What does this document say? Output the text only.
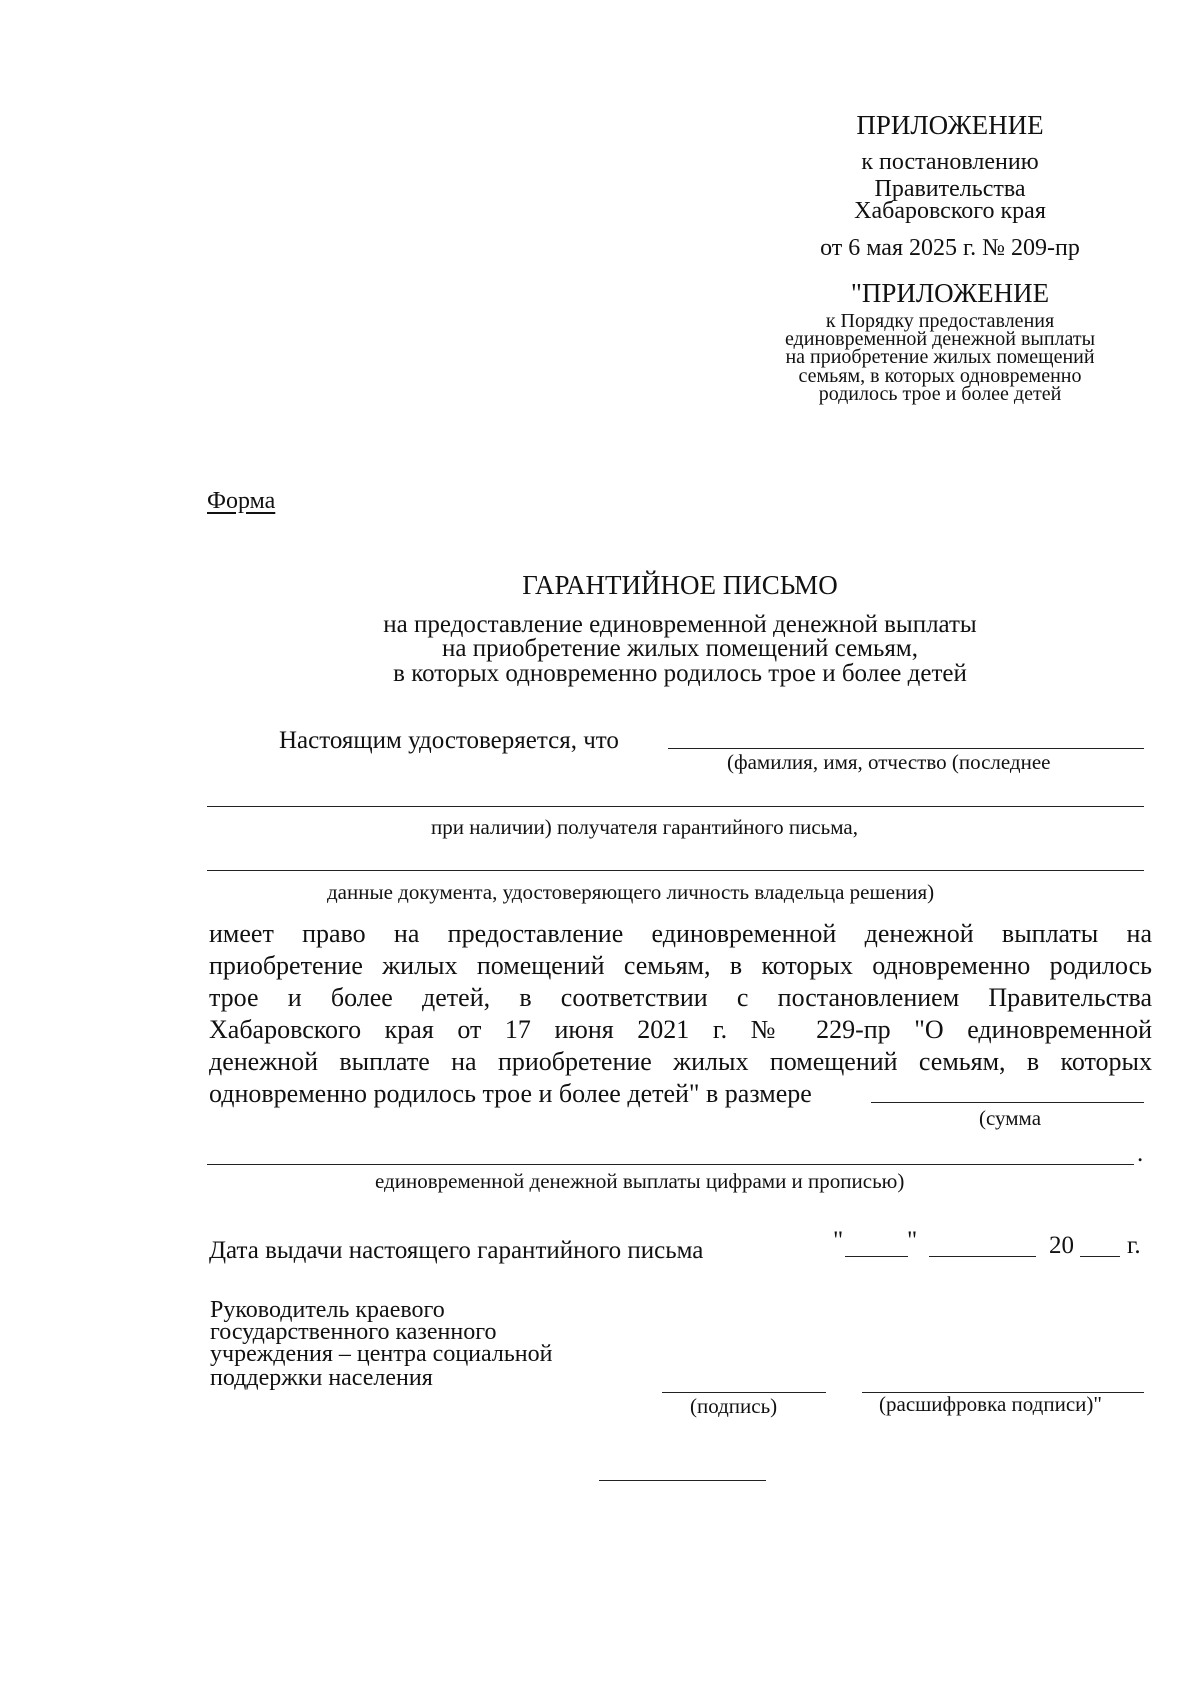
ПРИЛОЖЕНИЕ
к постановлению
Правительства
Хабаровского края
от 6 мая 2025 г. № 209-пр
"ПРИЛОЖЕНИЕ
к Порядку предоставления
единовременной денежной выплаты
на приобретение жилых помещений
семьям, в которых одновременно
родилось трое и более детей
Форма
ГАРАНТИЙНОЕ ПИСЬМО
на предоставление единовременной денежной выплаты
на приобретение жилых помещений семьям,
в которых одновременно родилось трое и более детей
Настоящим удостоверяется, что
(фамилия, имя, отчество (последнее
при наличии) получателя гарантийного письма,
данные документа, удостоверяющего личность владельца решения)
имеет право на предоставление единовременной денежной выплаты на
приобретение жилых помещений семьям, в которых одновременно родилось
трое и более детей, в соответствии с постановлением Правительства
Хабаровского края от 17 июня 2021 г. № 229-пр "О единовременной
денежной выплате на приобретение жилых помещений семьям, в которых
одновременно родилось трое и более детей" в размере
(сумма
.
единовременной денежной выплаты цифрами и прописью)
Дата выдачи настоящего гарантийного письма	"	"	20 г.
Руководитель краевого
государственного казенного
учреждения – центра социальной
поддержки населения
(подпись)	(расшифровка подписи)"
